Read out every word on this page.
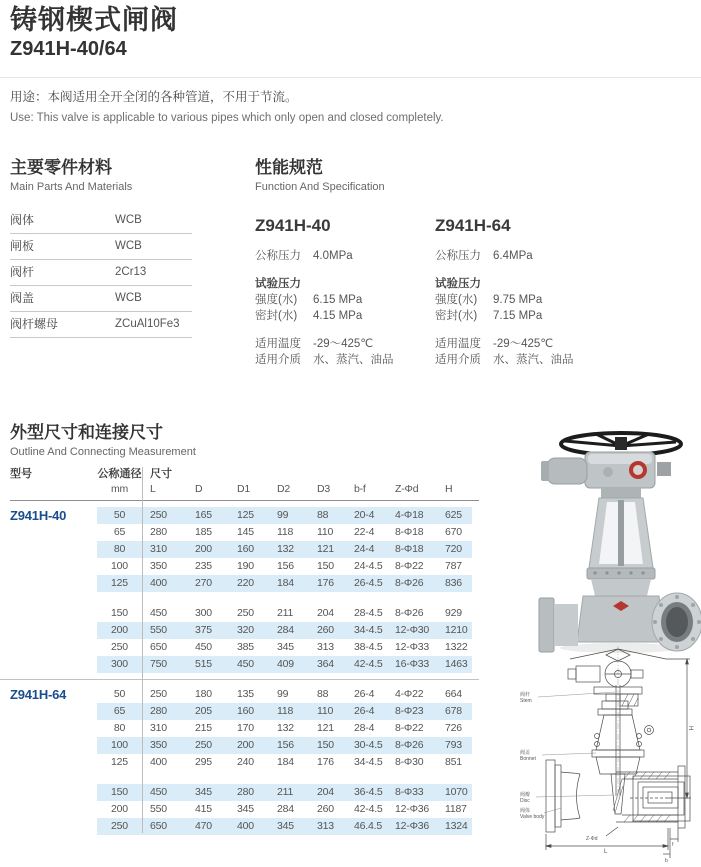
铸钢楔式闸阀
Z941H-40/64

用途：本阀适用全开全闭的各种管道，不用于节流。

Use: This valve is applicable to various pipes which only open and closed completely.

主要零件材料

Main Parts And Materials

阀体	WCB
闸板	WCB
阀杆	2Cr13
阀盖	WCB
阀杆螺母	ZCuAl10Fe3
性能规范

Function And Specification

Z941H-40
公称压力	4.0MPa
试验压力
强度(水)	6.15 MPa
密封(水)	4.15 MPa
适用温度	-29～425℃
适用介质	水、蒸汽、油品
Z941H-64
公称压力	6.4MPa
试验压力
强度(水)	9.75 MPa
密封(水)	7.15 MPa
适用温度	-29～425℃
适用介质	水、蒸汽、油品
外型尺寸和连接尺寸

Outline And Connecting Measurement

型号	公称通径 尺寸
mm	L	D	D1	D2	D3	b-f	Z-Φd	H
Z941H-40	50	250	165	125	99	88	20-4	4-Φ18	625
65	280	185	145	118	110	22-4	8-Φ18	670
80	310	200	160	132	121	24-4	8-Φ18	720
100	350	235	190	156	150	24-4.5	8-Φ22	787
125	400	270	220	184	176	26-4.5	8-Φ26	836
150	450	300	250	211	204	28-4.5	8-Φ26	929
200	550	375	320	284	260	34-4.5	12-Φ30	1210
250	650	450	385	345	313	38-4.5	12-Φ33	1322
300	750	515	450	409	364	42-4.5	16-Φ33	1463
Z941H-64	50	250	180	135	99	88	26-4	4-Φ22	664
65	280	205	160	118	110	26-4	8-Φ23	678
80	310	215	170	132	121	28-4	8-Φ22	726
100	350	250	200	156	150	30-4.5	8-Φ26	793
125	400	295	240	184	176	34-4.5	8-Φ30	851
150	450	345	280	211	204	36-4.5	8-Φ33	1070
200	550	415	345	284	260	42-4.5	12-Φ36	1187
250	650	470	400	345	313	46.4.5	12-Φ36	1324
阀杆
Stem
阀盖
Bonnet
阀瓣
Disc
阀体
Valve body
H
L
Z-Φd
b
f
